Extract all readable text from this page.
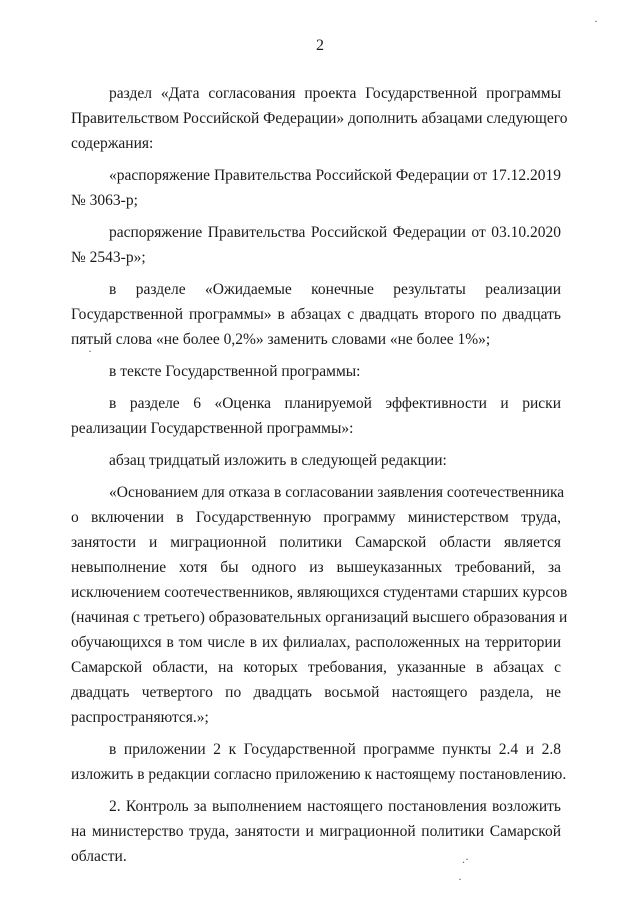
2
раздел «Дата согласования проекта Государственной программы
Правительством Российской Федерации» дополнить абзацами следующего
содержания:
«распоряжение Правительства Российской Федерации от 17.12.2019
№ 3063-р;
распоряжение Правительства Российской Федерации от 03.10.2020
№ 2543-р»;
в разделе «Ожидаемые конечные результаты реализации
Государственной программы» в абзацах с двадцать второго по двадцать
пятый слова «не более 0,2%» заменить словами «не более 1%»;
в тексте Государственной программы:
в разделе 6 «Оценка планируемой эффективности и риски
реализации Государственной программы»:
абзац тридцатый изложить в следующей редакции:
«Основанием для отказа в согласовании заявления соотечественника
о включении в Государственную программу министерством труда,
занятости и миграционной политики Самарской области является
невыполнение хотя бы одного из вышеуказанных требований, за
исключением соотечественников, являющихся студентами старших курсов
(начиная с третьего) образовательных организаций высшего образования и
обучающихся в том числе в их филиалах, расположенных на территории
Самарской области, на которых требования, указанные в абзацах с
двадцать четвертого по двадцать восьмой настоящего раздела, не
распространяются.»;
в приложении 2 к Государственной программе пункты 2.4 и 2.8
изложить в редакции согласно приложению к настоящему постановлению.
2. Контроль за выполнением настоящего постановления возложить
на министерство труда, занятости и миграционной политики Самарской
области.
·
·
.·
·
